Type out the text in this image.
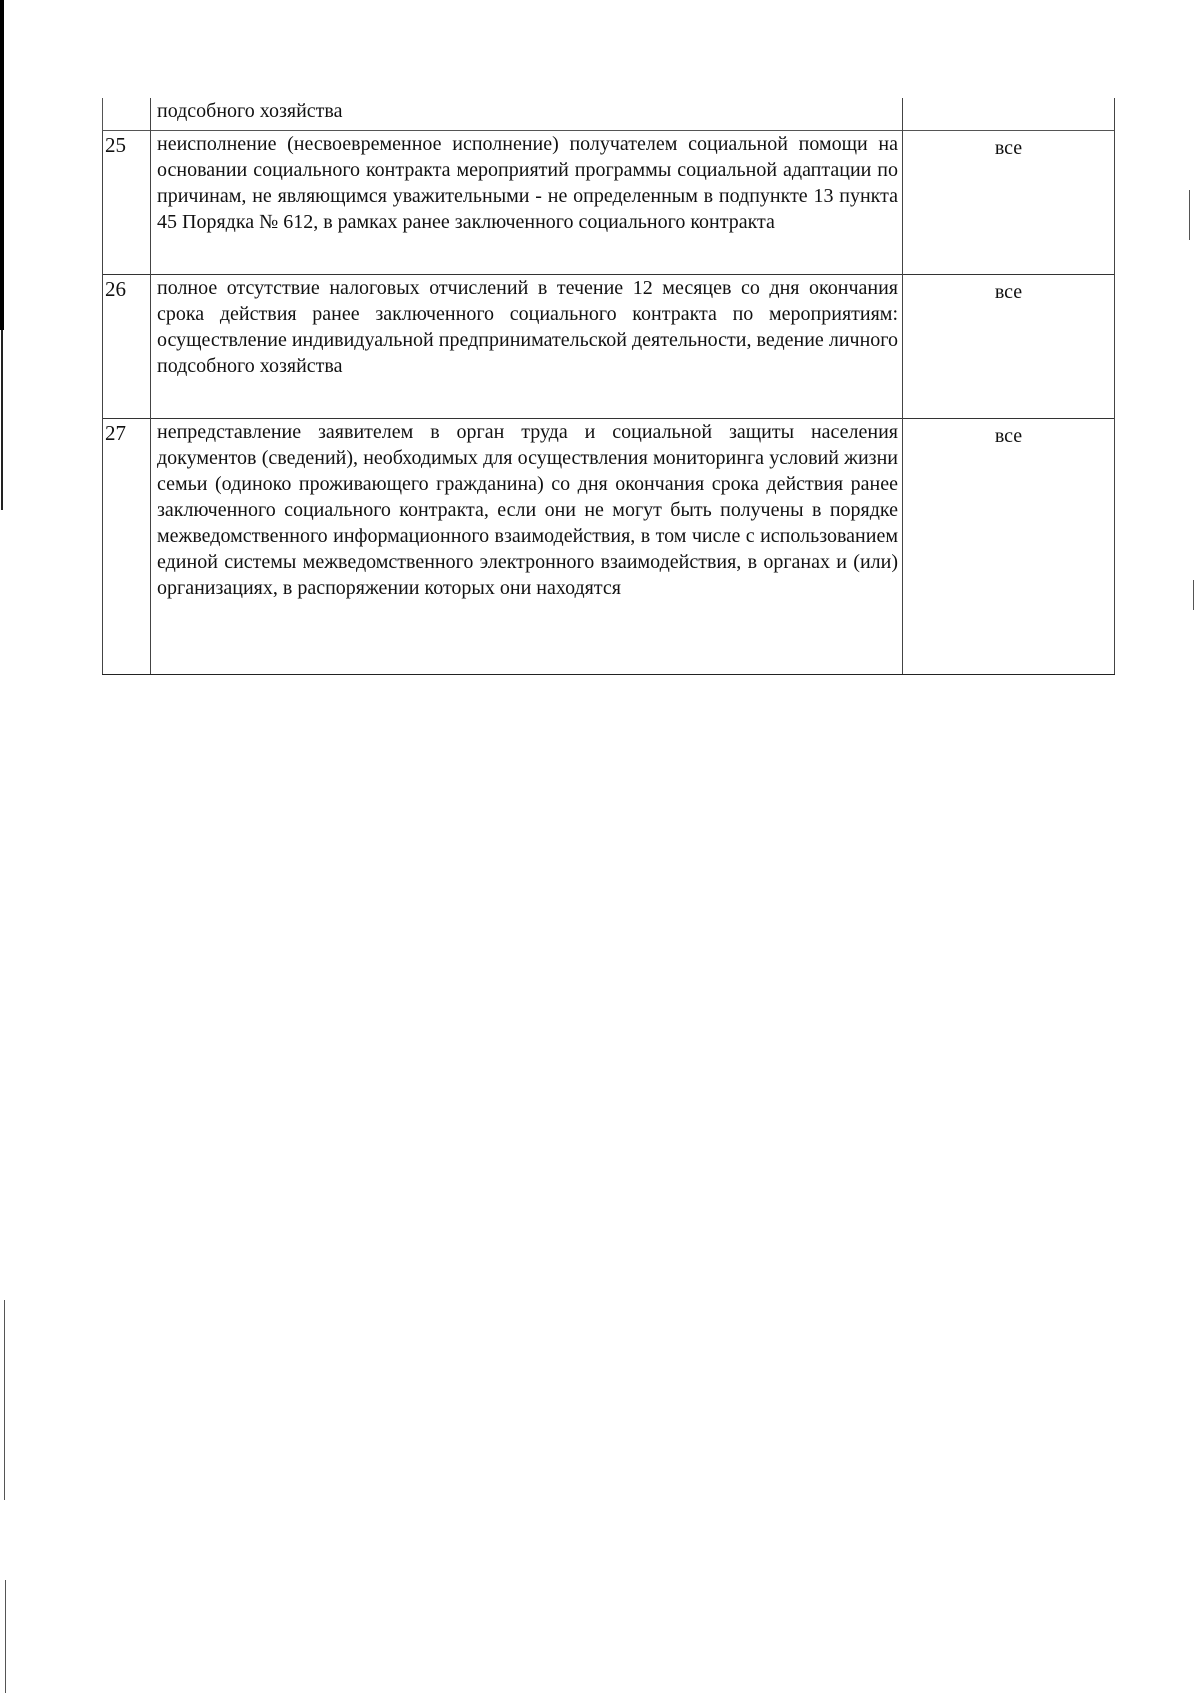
	подсобного хозяйства	

25	неисполнение (несвоевременное исполнение) получателем социальной помощи на основании социального контракта мероприятий программы социальной адаптации по причинам, не являющимся уважительными - не определенным в подпункте 13 пункта 45 Порядка № 612, в рамках ранее заключенного социального контракта	все
26	полное отсутствие налоговых отчислений в течение 12 месяцев со дня окончания срока действия ранее заключенного социального контракта по мероприятиям: осуществление индивидуальной предпринимательской деятельности, ведение личного подсобного хозяйства	все
27	непредставление заявителем в орган труда и социальной защиты населения документов (сведений), необходимых для осуществления мониторинга условий жизни семьи (одиноко проживающего гражданина) со дня окончания срока действия ранее заключенного социального контракта, если они не могут быть получены в порядке межведомственного информационного взаимодействия, в том числе с использованием единой системы межведомственного электронного взаимодействия, в органах и (или) организациях, в распоряжении которых они находятся	все
